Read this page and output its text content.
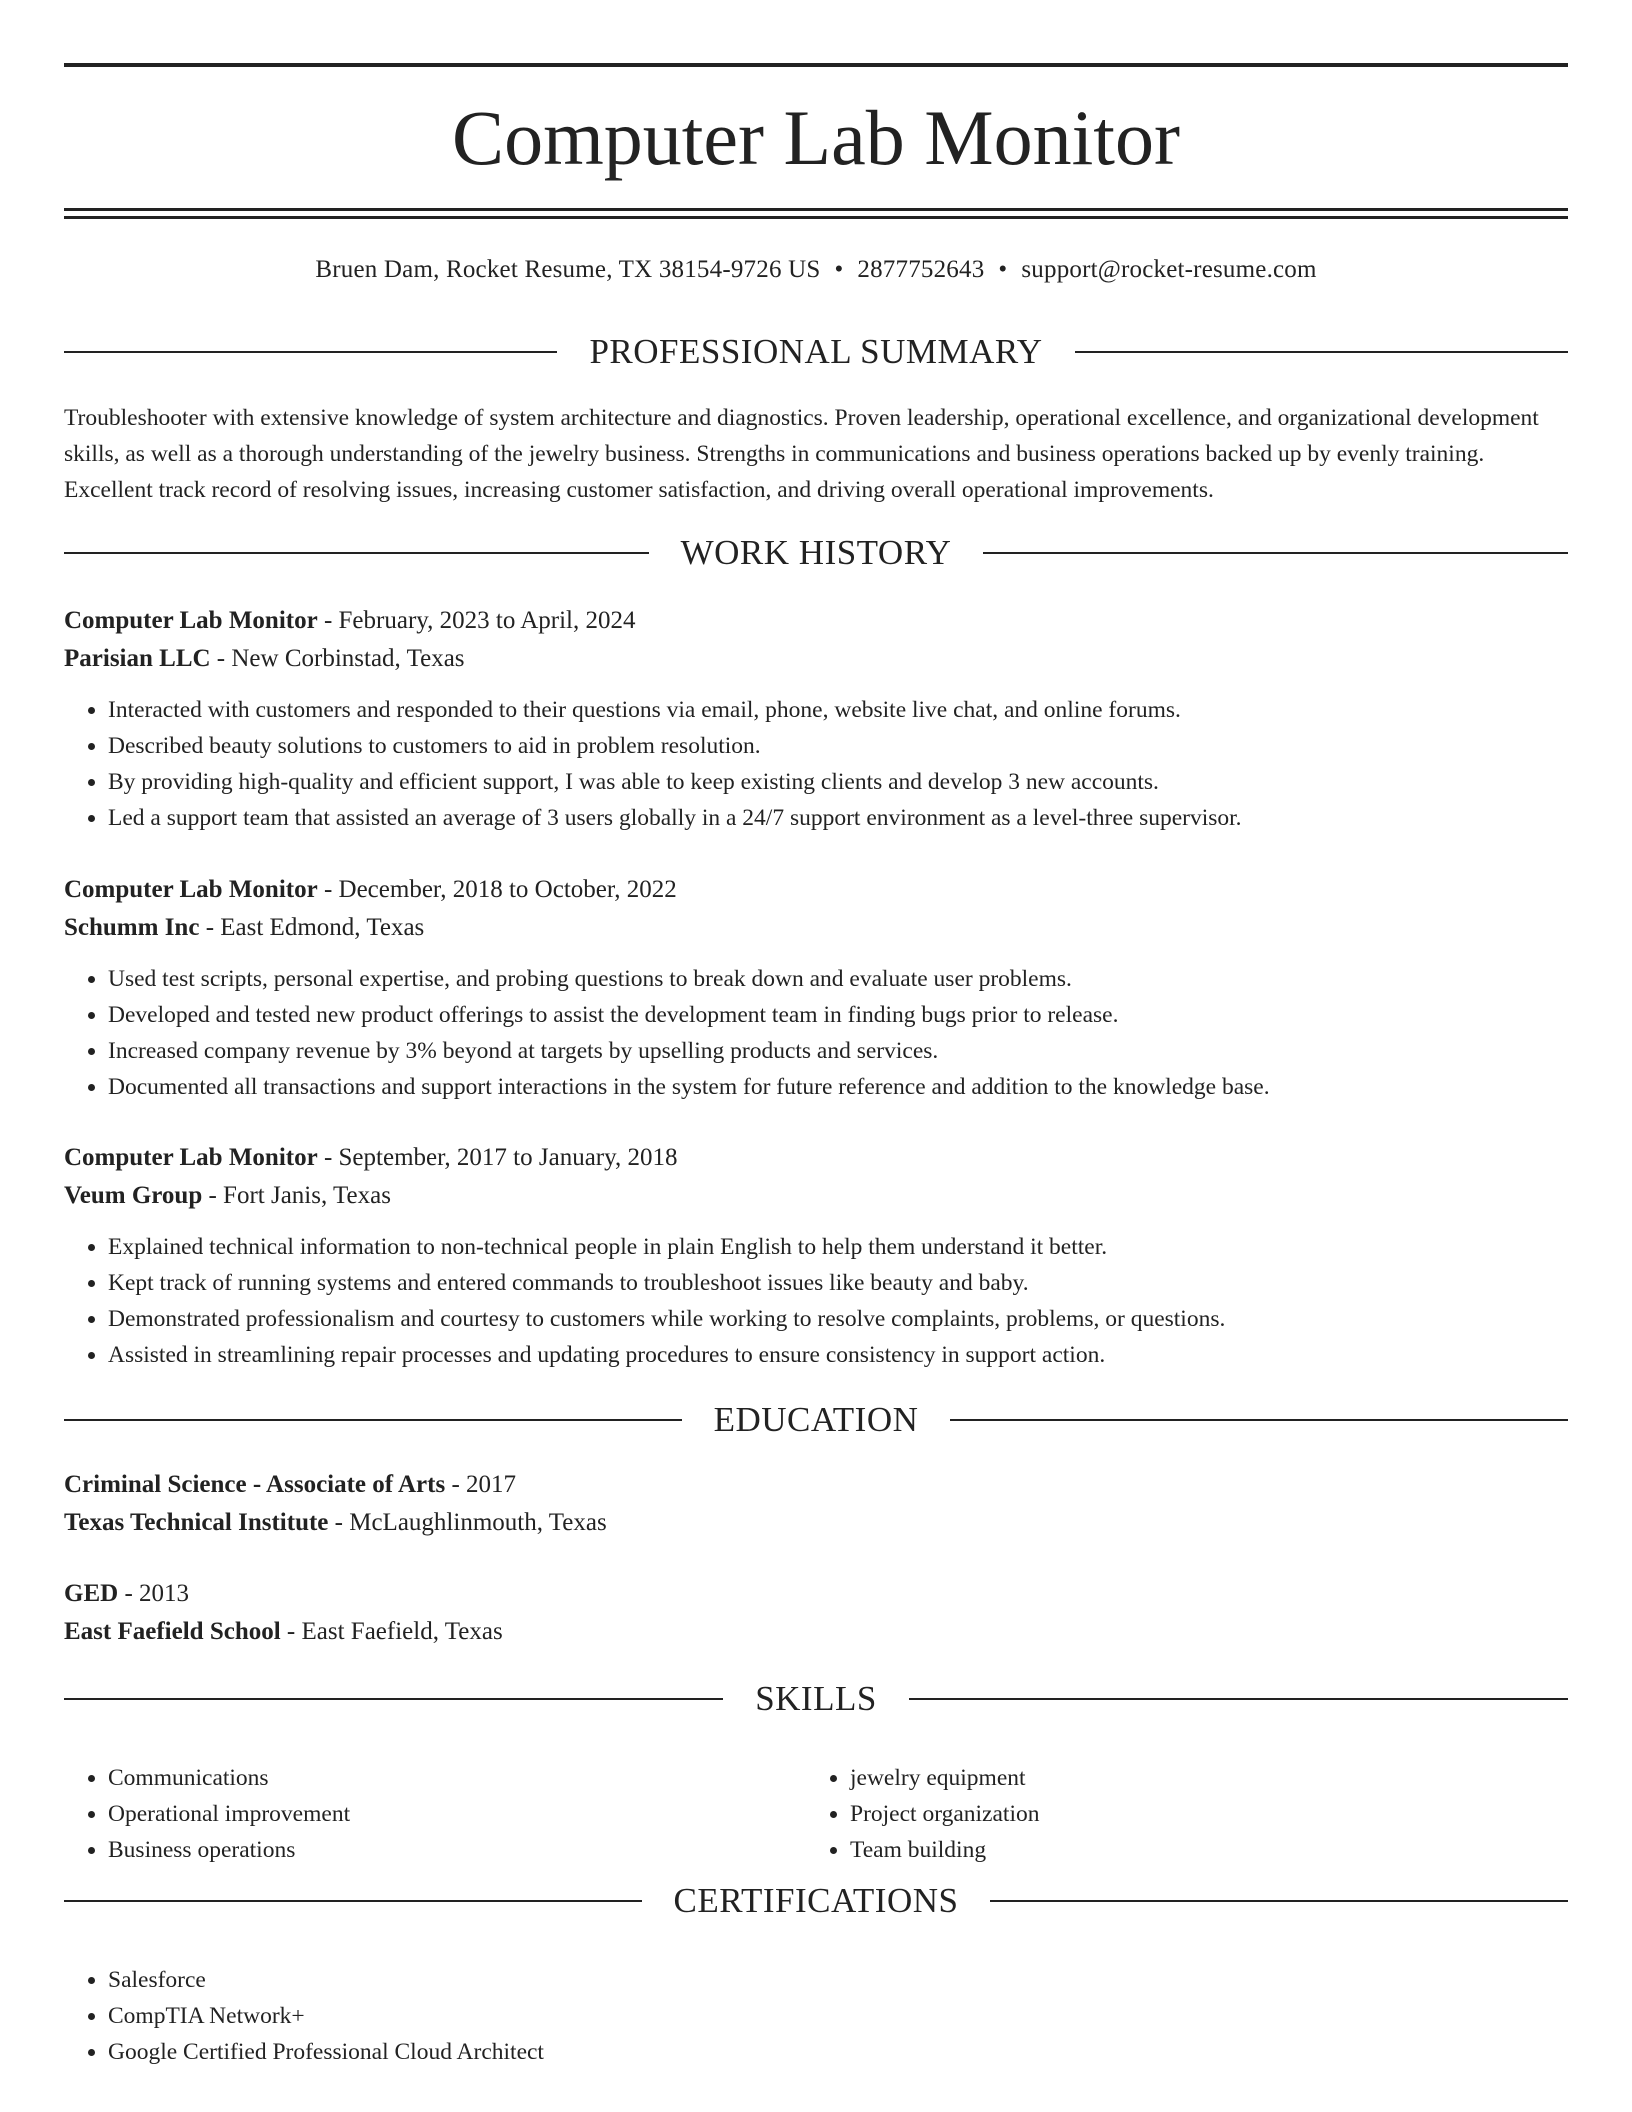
Computer Lab Monitor
Bruen Dam, Rocket Resume, TX 38154-9726 US • 2877752643 • support@rocket-resume.com
PROFESSIONAL SUMMARY
Troubleshooter with extensive knowledge of system architecture and diagnostics. Proven leadership, operational excellence, and organizational development skills, as well as a thorough understanding of the jewelry business. Strengths in communications and business operations backed up by evenly training. Excellent track record of resolving issues, increasing customer satisfaction, and driving overall operational improvements.
WORK HISTORY
Computer Lab Monitor - February, 2023 to April, 2024
Parisian LLC - New Corbinstad, Texas
• Interacted with customers and responded to their questions via email, phone, website live chat, and online forums.
• Described beauty solutions to customers to aid in problem resolution.
• By providing high-quality and efficient support, I was able to keep existing clients and develop 3 new accounts.
• Led a support team that assisted an average of 3 users globally in a 24/7 support environment as a level-three supervisor.
Computer Lab Monitor - December, 2018 to October, 2022
Schumm Inc - East Edmond, Texas
• Used test scripts, personal expertise, and probing questions to break down and evaluate user problems.
• Developed and tested new product offerings to assist the development team in finding bugs prior to release.
• Increased company revenue by 3% beyond at targets by upselling products and services.
• Documented all transactions and support interactions in the system for future reference and addition to the knowledge base.
Computer Lab Monitor - September, 2017 to January, 2018
Veum Group - Fort Janis, Texas
• Explained technical information to non-technical people in plain English to help them understand it better.
• Kept track of running systems and entered commands to troubleshoot issues like beauty and baby.
• Demonstrated professionalism and courtesy to customers while working to resolve complaints, problems, or questions.
• Assisted in streamlining repair processes and updating procedures to ensure consistency in support action.
EDUCATION
Criminal Science - Associate of Arts - 2017
Texas Technical Institute - McLaughlinmouth, Texas
GED - 2013
East Faefield School - East Faefield, Texas
SKILLS
• Communications
• Operational improvement
• Business operations
• jewelry equipment
• Project organization
• Team building
CERTIFICATIONS
• Salesforce
• CompTIA Network+
• Google Certified Professional Cloud Architect
